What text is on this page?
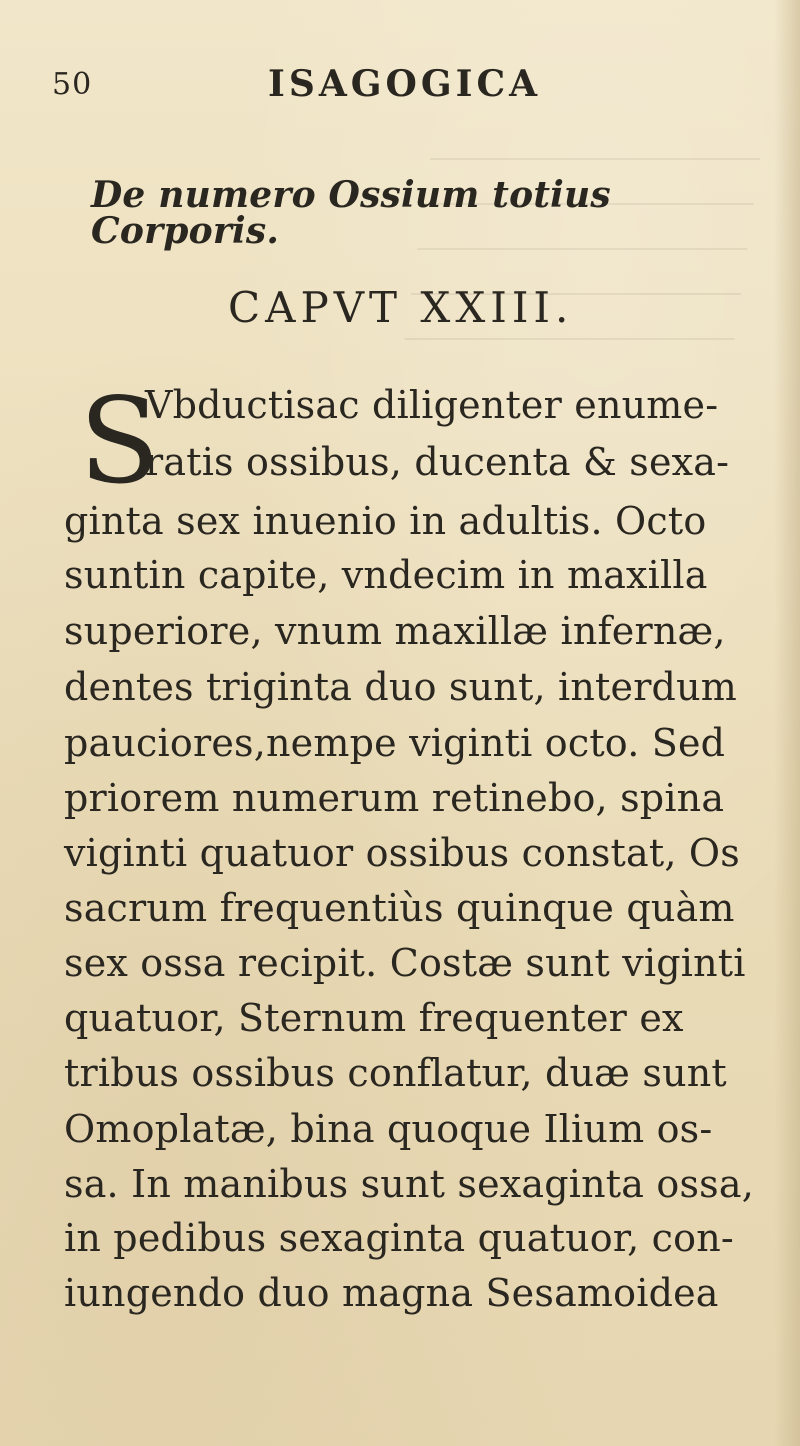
50	ISAGOGICA
De numero Ossium totius Corporis.
CAPVT XXIII.
S

Vbductisac diligenter enume-

ratis ossibus, ducenta & sexa-

ginta sex inuenio in adultis. Octo

suntin capite, vndecim in maxilla

superiore, vnum maxillæ infernæ,

dentes triginta duo sunt, interdum

pauciores,nempe viginti octo. Sed

priorem numerum retinebo, spina

viginti quatuor ossibus constat, Os

sacrum frequentiùs quinque quàm

sex ossa recipit. Costæ sunt viginti

quatuor, Sternum frequenter ex

tribus ossibus conflatur, duæ sunt

Omoplatæ, bina quoque Ilium os-

sa. In manibus sunt sexaginta ossa,

in pedibus sexaginta quatuor, con-

iungendo duo magna Sesamoidea
